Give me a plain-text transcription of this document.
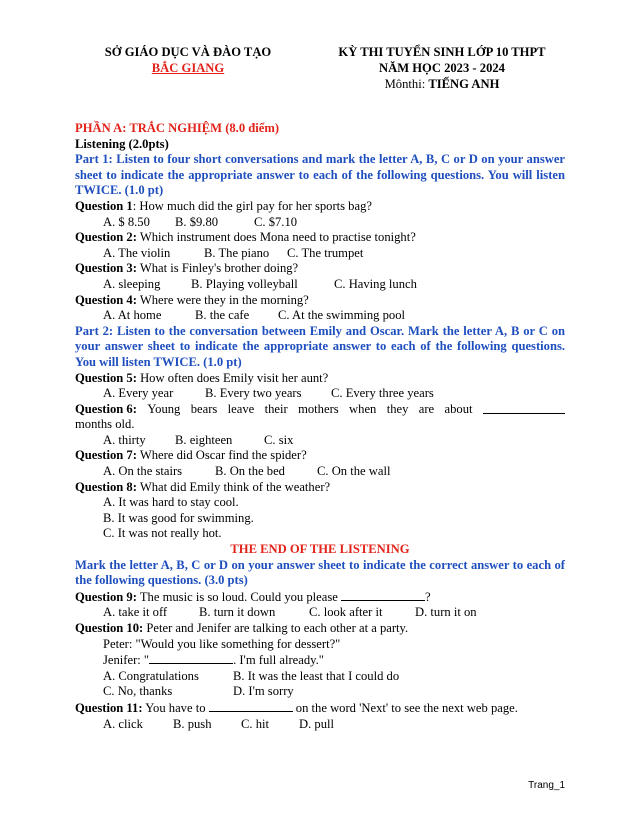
SỞ GIÁO DỤC VÀ ĐÀO TẠO
BẮC GIANG
KỲ THI TUYỂN SINH LỚP 10 THPT
NĂM HỌC 2023 - 2024
Mônthi: TIẾNG ANH
PHẦN A: TRẮC NGHIỆM (8.0 điểm)
Listening (2.0pts)
Part 1: Listen to four short conversations and mark the letter A, B, C or D on your answer sheet to indicate the appropriate answer to each of the following questions. You will listen TWICE. (1.0 pt)
Question 1: How much did the girl pay for her sports bag?
A. $ 8.50 B. $9.80	C. $7.10
Question 2: Which instrument does Mona need to practise tonight?
A. The violin	B. The piano C. The trumpet
Question 3: What is Finley's brother doing?
A. sleeping B. Playing volleyball	C. Having lunch
Question 4: Where were they in the morning?
A. At home	B. the cafe C. At the swimming pool
Part 2: Listen to the conversation between Emily and Oscar. Mark the letter A, B or C on your answer sheet to indicate the appropriate answer to each of the following questions. You will listen TWICE. (1.0 pt)
Question 5: How often does Emily visit her aunt?
A. Every year	B. Every two years C. Every three years
Question 6: Young bears leave their mothers when they are about
months old.
A. thirty B. eighteen	C. six
Question 7: Where did Oscar find the spider?
A. On the stairs	B. On the bed	C. On the wall
Question 8: What did Emily think of the weather?
A. It was hard to stay cool.
B. It was good for swimming.
C. It was not really hot.
THE END OF THE LISTENING
Mark the letter A, B, C or D on your answer sheet to indicate the correct answer to each of the following questions. (3.0 pts)
Question 9: The music is so loud. Could you please	?
A. take it off	B. turn it down	C. look after it	D. turn it on
Question 10: Peter and Jenifer are talking to each other at a party.
Peter: "Would you like something for dessert?"
Jenifer: "	. I'm full already."
A. Congratulations	B. It was the least that I could do
C. No, thanks	D. I'm sorry
Question 11: You have to	on the word 'Next' to see the next web page.
A. click B. push C. hit D. pull
Trang_1
